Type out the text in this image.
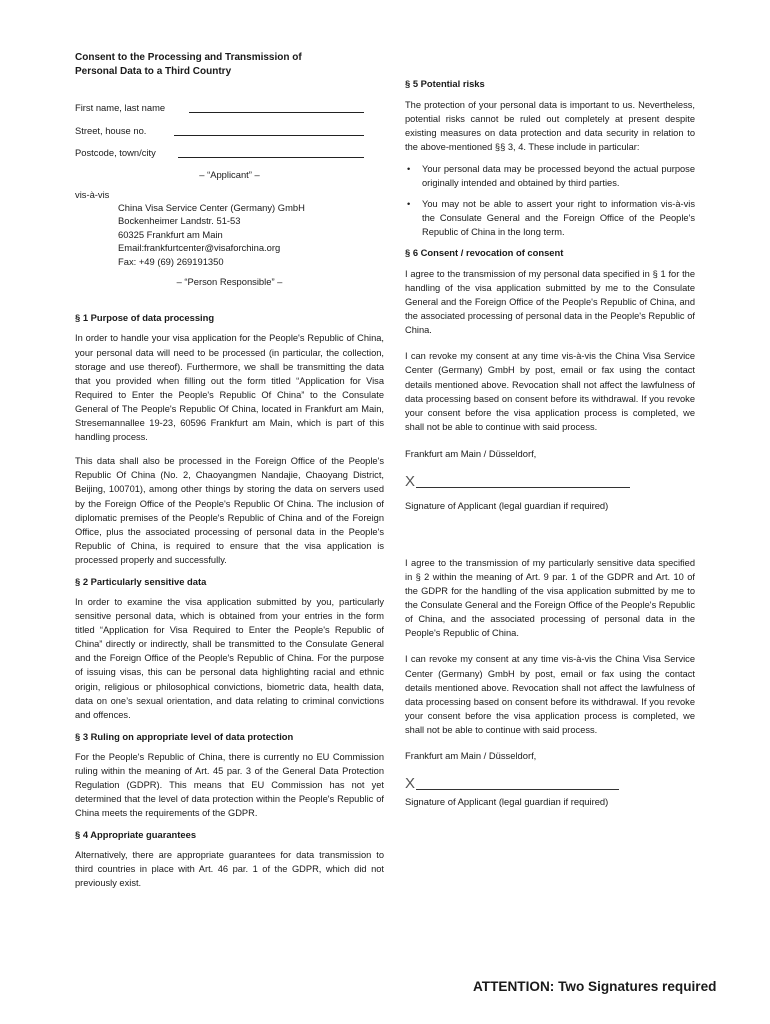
Consent to the Processing and Transmission of

Personal Data to a Third Country

First name, last name
Street, house no.
Postcode, town/city
– “Applicant” –
vis-à-vis

China Visa Service Center (Germany) GmbH

Bockenheimer Landstr. 51-53

60325 Frankfurt am Main

Email:frankfurtcenter@visaforchina.org

Fax: +49 (69) 269191350

– “Person Responsible” –

§ 1 Purpose of data processing

In order to handle your visa application for the People's Republic of China, your personal data will need to be processed (in particular, the collection, storage and use thereof). Furthermore, we shall be transmitting the data that you provided when filling out the form titled “Application for Visa Required to Enter the People's Republic Of China” to the Consulate General of The People's Republic Of China, located in Frankfurt am Main, Stresemannallee 19-23, 60596 Frankfurt am Main, which is part of this handling process.

This data shall also be processed in the Foreign Office of the People's Republic Of China (No. 2, Chaoyangmen Nandajie, Chaoyang District, Beijing, 100701), among other things by storing the data on servers used by the Foreign Office of the People's Republic Of China. The inclusion of diplomatic premises of the People's Republic of China and of the Foreign Office, plus the associated processing of personal data in the People's Republic of China, is required to ensure that the visa application is processed properly and successfully.

§ 2 Particularly sensitive data

In order to examine the visa application submitted by you, particularly sensitive personal data, which is obtained from your entries in the form titled “Application for Visa Required to Enter the People's Republic of China” directly or indirectly, shall be transmitted to the Consulate General and the Foreign Office of the People's Republic of China. For the purpose of issuing visas, this can be personal data highlighting racial and ethnic origin, religious or philosophical convictions, biometric data, health data, data on one’s sexual orientation, and data relating to criminal convictions and offences.

§ 3 Ruling on appropriate level of data protection

For the People's Republic of China, there is currently no EU Commission ruling within the meaning of Art. 45 par. 3 of the General Data Protection Regulation (GDPR). This means that EU Commission has not yet determined that the level of data protection within the People's Republic of China meets the requirements of the GDPR.

§ 4 Appropriate guarantees

Alternatively, there are appropriate guarantees for data transmission to third countries in place with Art. 46 par. 1 of the GDPR, which did not previously exist.

§ 5 Potential risks

The protection of your personal data is important to us. Nevertheless, potential risks cannot be ruled out completely at present despite existing measures on data protection and data security in relation to the above-mentioned §§ 3, 4. These include in particular:

• Your personal data may be processed beyond the actual purpose originally intended and obtained by third parties.
• You may not be able to assert your right to information vis-à-vis the Consulate General and the Foreign Office of the People's Republic of China in the long term.

§ 6 Consent / revocation of consent

I agree to the transmission of my personal data specified in § 1 for the handling of the visa application submitted by me to the Consulate General and the Foreign Office of the People's Republic of China, and the associated processing of personal data in the People's Republic of China.

I can revoke my consent at any time vis-à-vis the China Visa Service Center (Germany) GmbH by post, email or fax using the contact details mentioned above. Revocation shall not affect the lawfulness of data processing based on consent before its withdrawal. If you revoke your consent before the visa application process is completed, we shall not be able to continue with said process.

Frankfurt am Main / Düsseldorf,
X
Signature of Applicant (legal guardian if required)

I agree to the transmission of my particularly sensitive data specified in § 2 within the meaning of Art. 9 par. 1 of the GDPR and Art. 10 of the GDPR for the handling of the visa application submitted by me to the Consulate General and the Foreign Office of the People's Republic of China, and the associated processing of personal data in the People's Republic of China.

I can revoke my consent at any time vis-à-vis the China Visa Service Center (Germany) GmbH by post, email or fax using the contact details mentioned above. Revocation shall not affect the lawfulness of data processing based on consent before its withdrawal. If you revoke your consent before the visa application process is completed, we shall not be able to continue with said process.

Frankfurt am Main / Düsseldorf,
X
Signature of Applicant (legal guardian if required)
ATTENTION: Two Signatures required
